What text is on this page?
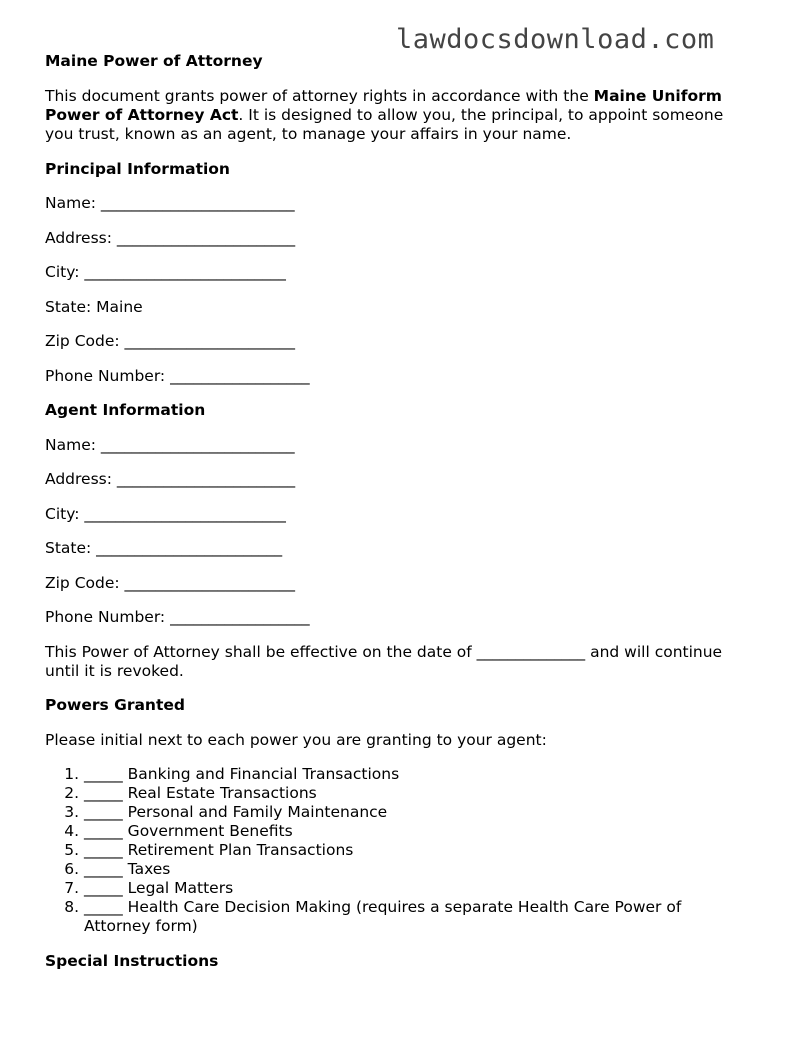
lawdocsdownload.com
Maine Power of Attorney

This document grants power of attorney rights in accordance with the Maine Uniform Power of Attorney Act. It is designed to allow you, the principal, to appoint someone you trust, known as an agent, to manage your affairs in your name.

Principal Information
Name: _________________________
Address: _______________________
City: __________________________
State: Maine
Zip Code: ______________________
Phone Number: __________________
Agent Information
Name: _________________________
Address: _______________________
City: __________________________
State: ________________________
Zip Code: ______________________
Phone Number: __________________

This Power of Attorney shall be effective on the date of ______________ and will continue until it is revoked.

Powers Granted

Please initial next to each power you are granting to your agent:

1. _____ Banking and Financial Transactions
2. _____ Real Estate Transactions
3. _____ Personal and Family Maintenance
4. _____ Government Benefits
5. _____ Retirement Plan Transactions
6. _____ Taxes
7. _____ Legal Matters
8. _____ Health Care Decision Making (requires a separate Health Care Power of Attorney form)
Special Instructions
